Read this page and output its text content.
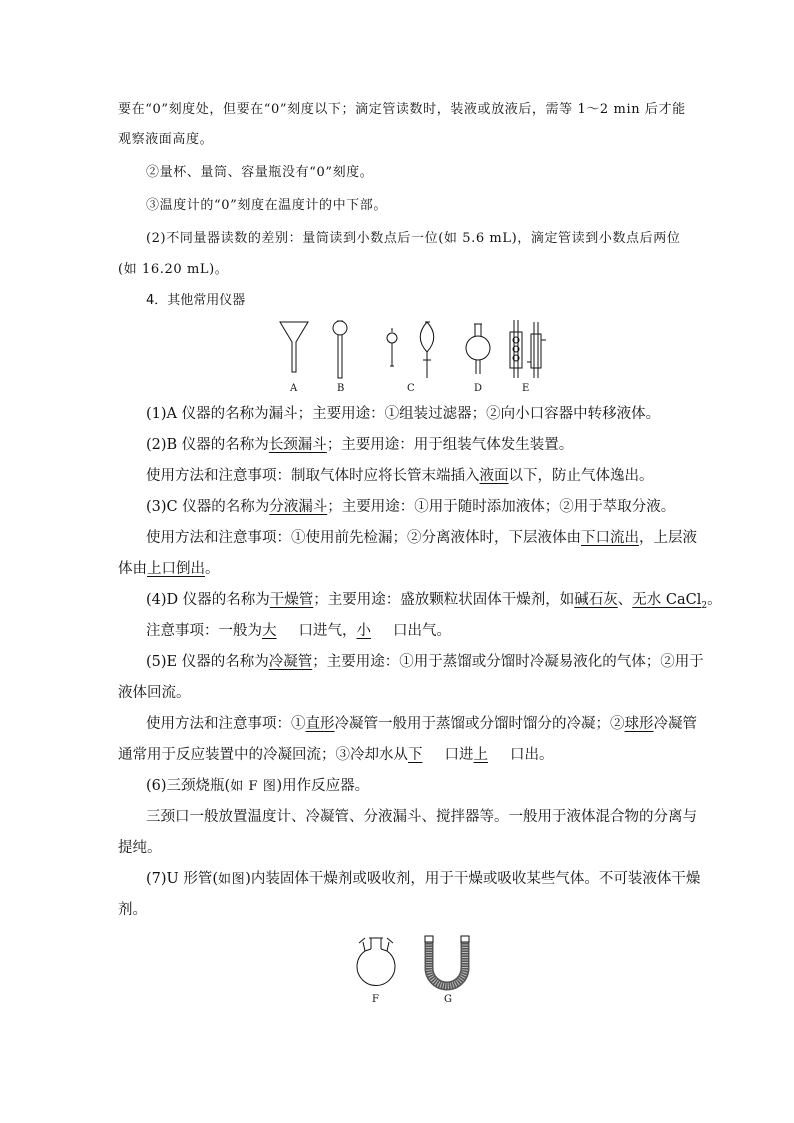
要在“0”刻度处，但要在“0”刻度以下；滴定管读数时，装液或放液后，需等 1～2 min 后才能
观察液面高度。
②量杯、量筒、容量瓶没有“0”刻度。
③温度计的“0”刻度在温度计的中下部。
(2)不同量器读数的差别：量筒读到小数点后一位(如 5.6 mL)，滴定管读到小数点后两位
(如 16.20 mL)。
4．其他常用仪器
A	B	C	D	E
(1)A 仪器的名称为漏斗；主要用途：①组装过滤器；②向小口容器中转移液体。
(2)B 仪器的名称为长颈漏斗；主要用途：用于组装气体发生装置。
使用方法和注意事项：制取气体时应将长管末端插入液面以下，防止气体逸出。
(3)C 仪器的名称为分液漏斗；主要用途：①用于随时添加液体；②用于萃取分液。
使用方法和注意事项：①使用前先检漏；②分离液体时，下层液体由下口流出，上层液
体由上口倒出。
(4)D 仪器的名称为干燥管；主要用途：盛放颗粒状固体干燥剂，如碱石灰、无水 CaCl$_2$。
注意事项：一般为大 口进气，小 口出气。
(5)E 仪器的名称为冷凝管；主要用途：①用于蒸馏或分馏时冷凝易液化的气体；②用于
液体回流。
使用方法和注意事项：①直形冷凝管一般用于蒸馏或分馏时馏分的冷凝；②球形冷凝管
通常用于反应装置中的冷凝回流；③冷却水从下 口进上 口出。
(6)三颈烧瓶(如 F 图)用作反应器。
三颈口一般放置温度计、冷凝管、分液漏斗、搅拌器等。一般用于液体混合物的分离与
提纯。
(7)U 形管(如图)内装固体干燥剂或吸收剂，用于干燥或吸收某些气体。不可装液体干燥
剂。
F	G
